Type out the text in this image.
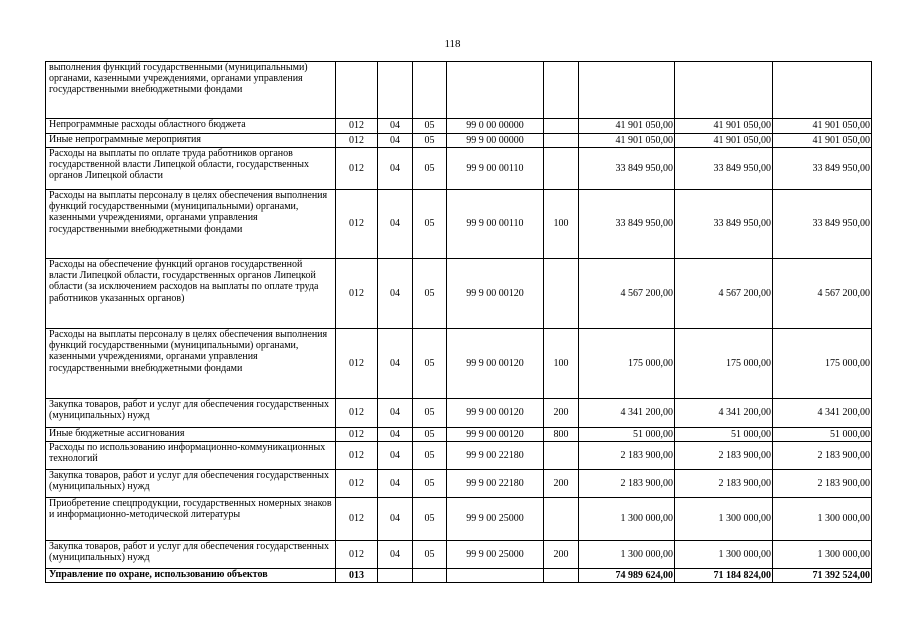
118
выполнения функций государственными (муниципальными) органами, казенными учреждениями, органами управления государственными внебюджетными фондами								
Непрограммные расходы областного бюджета	012	04	05	99 0 00 00000		41 901 050,00	41 901 050,00	41 901 050,00
Иные непрограммные мероприятия	012	04	05	99 9 00 00000		41 901 050,00	41 901 050,00	41 901 050,00
Расходы на выплаты по оплате труда работников органов государственной власти Липецкой области, государственных органов Липецкой области	012	04	05	99 9 00 00110		33 849 950,00	33 849 950,00	33 849 950,00
Расходы на выплаты персоналу в целях обеспечения выполнения функций государственными (муниципальными) органами, казенными учреждениями, органами управления государственными внебюджетными фондами	012	04	05	99 9 00 00110	100	33 849 950,00	33 849 950,00	33 849 950,00
Расходы на обеспечение функций органов государственной власти Липецкой области, государственных органов Липецкой области (за исключением расходов на выплаты по оплате труда работников указанных органов)	012	04	05	99 9 00 00120		4 567 200,00	4 567 200,00	4 567 200,00
Расходы на выплаты персоналу в целях обеспечения выполнения функций государственными (муниципальными) органами, казенными учреждениями, органами управления государственными внебюджетными фондами	012	04	05	99 9 00 00120	100	175 000,00	175 000,00	175 000,00
Закупка товаров, работ и услуг для обеспечения государственных (муниципальных) нужд	012	04	05	99 9 00 00120	200	4 341 200,00	4 341 200,00	4 341 200,00
Иные бюджетные ассигнования	012	04	05	99 9 00 00120	800	51 000,00	51 000,00	51 000,00
Расходы по использованию информационно-коммуникационных технологий	012	04	05	99 9 00 22180		2 183 900,00	2 183 900,00	2 183 900,00
Закупка товаров, работ и услуг для обеспечения государственных (муниципальных) нужд	012	04	05	99 9 00 22180	200	2 183 900,00	2 183 900,00	2 183 900,00
Приобретение спецпродукции, государственных номерных знаков и информационно-методической литературы	012	04	05	99 9 00 25000		1 300 000,00	1 300 000,00	1 300 000,00
Закупка товаров, работ и услуг для обеспечения государственных (муниципальных) нужд	012	04	05	99 9 00 25000	200	1 300 000,00	1 300 000,00	1 300 000,00
Управление по охране, использованию объектов	013					74 989 624,00	71 184 824,00	71 392 524,00
